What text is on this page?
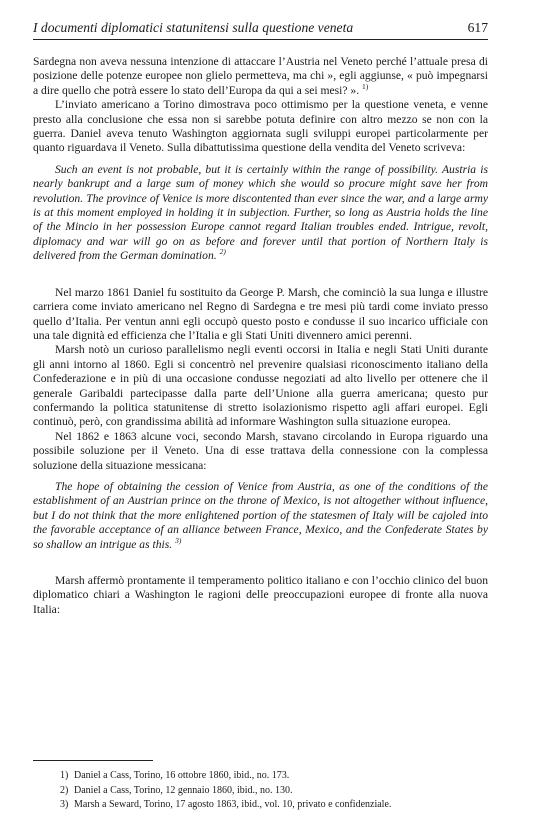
I documenti diplomatici statunitensi sulla questione veneta	617

Sardegna non aveva nessuna intenzione di attaccare l’Austria nel Veneto perché l’attuale presa di posizione delle potenze europee non glielo permetteva, ma chi », egli aggiunse, « può impegnarsi a dire quello che potrà essere lo stato dell’Europa da qui a sei mesi? ». $^{1)}$

L’inviato americano a Torino dimostrava poco ottimismo per la questione veneta, e venne presto alla conclusione che essa non si sarebbe potuta definire con altro mezzo se non con la guerra. Daniel aveva tenuto Washington aggiornata sugli sviluppi europei particolarmente per quanto riguardava il Veneto. Sulla dibattutissima questione della vendita del Veneto scriveva:

Such an event is not probable, but it is certainly within the range of possibility. Austria is nearly bankrupt and a large sum of money which she would so procure might save her from revolution. The province of Venice is more discontented than ever since the war, and a large army is at this moment employed in holding it in subjection. Further, so long as Austria holds the line of the Mincio in her possession Europe cannot regard Italian troubles ended. Intrigue, revolt, diplomacy and war will go on as before and forever until that portion of Northern Italy is delivered from the German domination. $^{2)}$

Nel marzo 1861 Daniel fu sostituito da George P. Marsh, che cominciò la sua lunga e illustre carriera come inviato americano nel Regno di Sardegna e tre mesi più tardi come inviato presso quello d’Italia. Per ventun anni egli occupò questo posto e condusse il suo incarico ufficiale con una tale dignità ed efficienza che l’Italia e gli Stati Uniti divennero amici perenni.

Marsh notò un curioso parallelismo negli eventi occorsi in Italia e negli Stati Uniti durante gli anni intorno al 1860. Egli si concentrò nel prevenire qualsiasi riconoscimento italiano della Confederazione e in più di una occasione condusse negoziati ad alto livello per ottenere che il generale Garibaldi partecipasse dalla parte dell’Unione alla guerra americana; questo pur confermando la politica statunitense di stretto isolazionismo rispetto agli affari europei. Egli continuò, però, con grandissima abilità ad informare Washington sulla situazione europea.

Nel 1862 e 1863 alcune voci, secondo Marsh, stavano circolando in Europa riguardo una possibile soluzione per il Veneto. Una di esse trattava della connessione con la complessa soluzione della situazione messicana:

The hope of obtaining the cession of Venice from Austria, as one of the conditions of the establishment of an Austrian prince on the throne of Mexico, is not altogether without influence, but I do not think that the more enlightened portion of the statesmen of Italy will be cajoled into the favorable acceptance of an alliance between France, Mexico, and the Confederate States by so shallow an intrigue as this. $^{3)}$

Marsh affermò prontamente il temperamento politico italiano e con l’occhio clinico del buon diplomatico chiari a Washington le ragioni delle preoccupazioni europee di fronte alla nuova Italia:

1) Daniel a Cass, Torino, 16 ottobre 1860, ibid., no. 173.
2) Daniel a Cass, Torino, 12 gennaio 1860, ibid., no. 130.
3) Marsh a Seward, Torino, 17 agosto 1863, ibid., vol. 10, privato e confidenziale.
